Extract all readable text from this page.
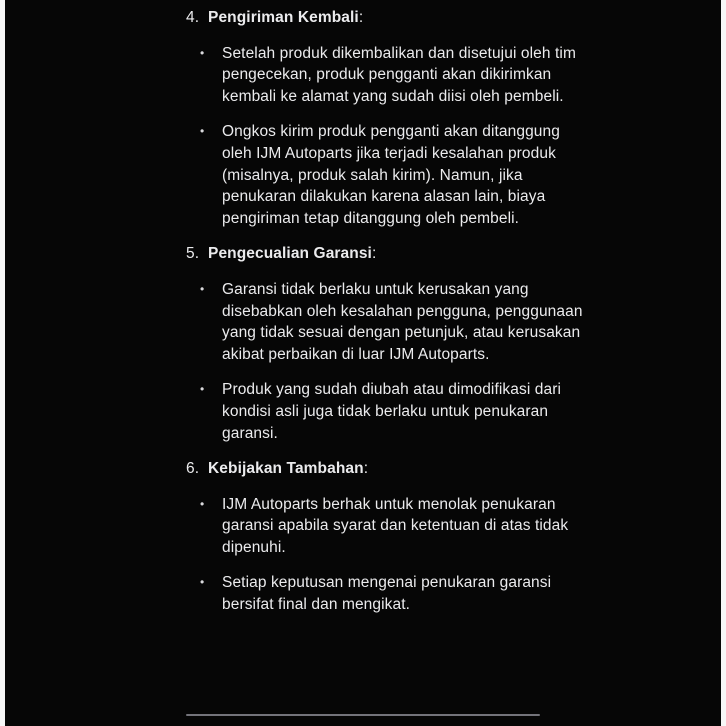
4. Pengiriman Kembali:
•	Setelah produk dikembalikan dan disetujui oleh tim pengecekan, produk pengganti akan dikirimkan kembali ke alamat yang sudah diisi oleh pembeli.
•	Ongkos kirim produk pengganti akan ditanggung oleh IJM Autoparts jika terjadi kesalahan produk (misalnya, produk salah kirim). Namun, jika penukaran dilakukan karena alasan lain, biaya pengiriman tetap ditanggung oleh pembeli.
5. Pengecualian Garansi:
•	Garansi tidak berlaku untuk kerusakan yang disebabkan oleh kesalahan pengguna, penggunaan yang tidak sesuai dengan petunjuk, atau kerusakan akibat perbaikan di luar IJM Autoparts.
•	Produk yang sudah diubah atau dimodifikasi dari kondisi asli juga tidak berlaku untuk penukaran garansi.
6. Kebijakan Tambahan:
•	IJM Autoparts berhak untuk menolak penukaran garansi apabila syarat dan ketentuan di atas tidak dipenuhi.
•	Setiap keputusan mengenai penukaran garansi bersifat final dan mengikat.
